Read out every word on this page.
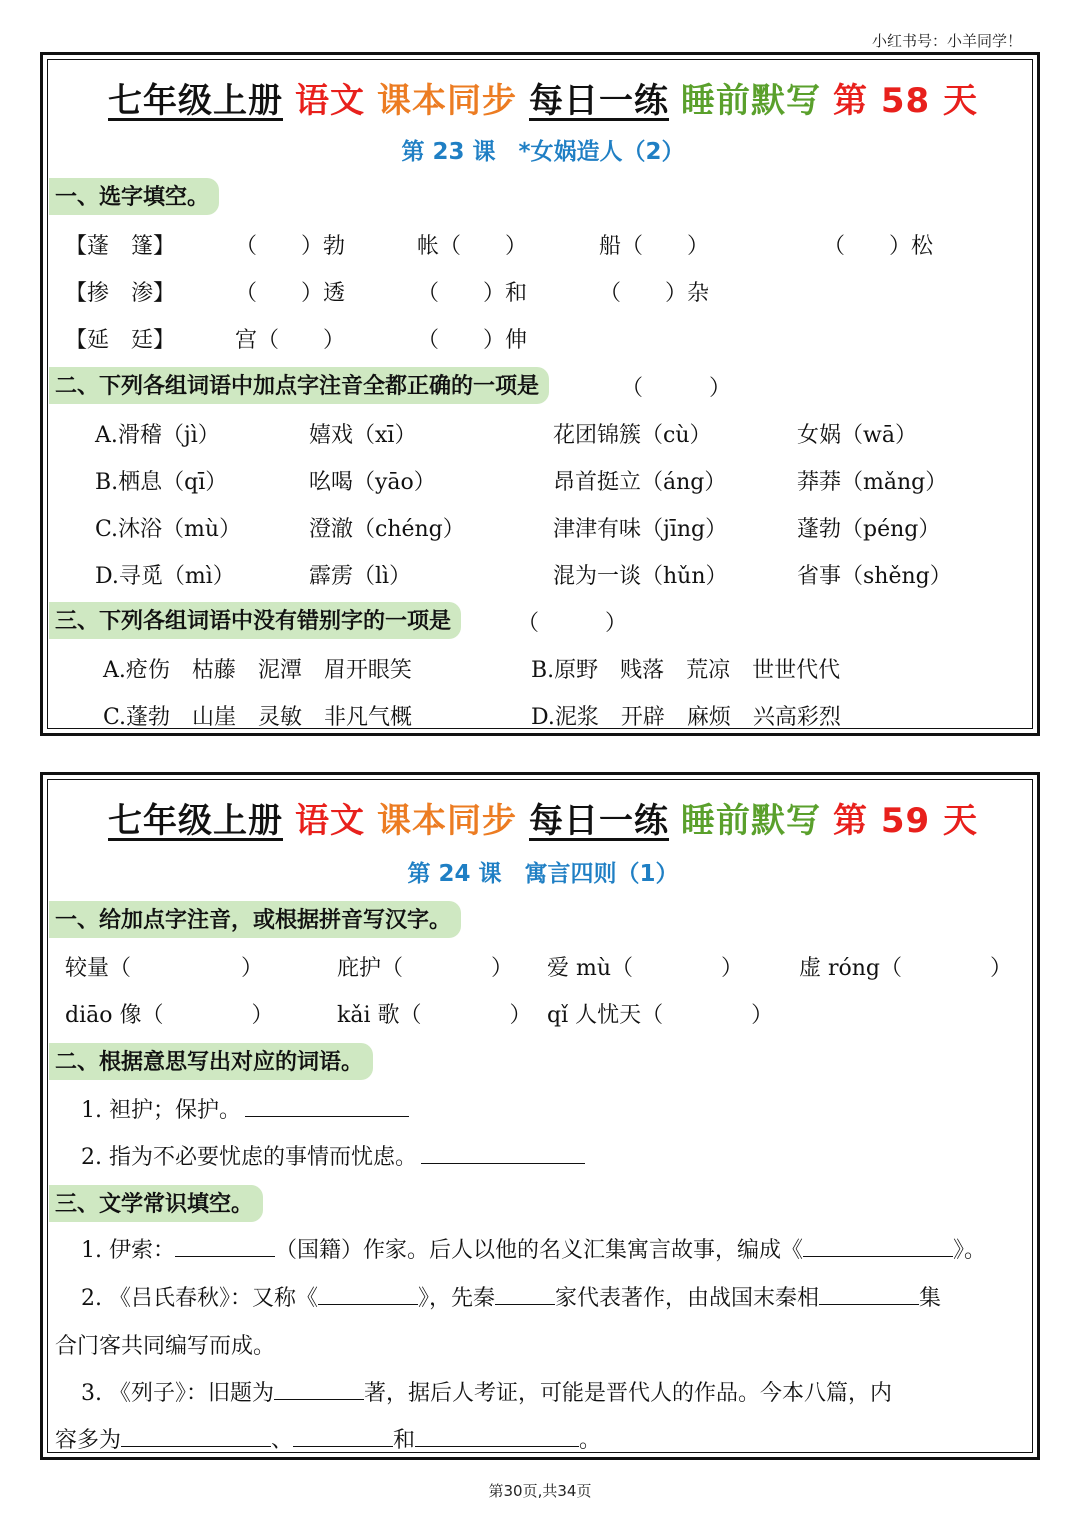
小红书号：小羊同学！
七年级上册 语文 课本同步 每日一练 睡前默写 第 58 天
第 23 课　*女娲造人（2）
一、选字填空。
【蓬　篷】	（　　）勃	帐（　　）	船（　　）	（　　）松
【掺　渗】	（　　）透	（　　）和	（　　）杂
【延　廷】	宫（　　）	（　　）伸
二、下列各组词语中加点字注音全都正确的一项是	（　　　）
A.滑稽（jì）	嬉戏（xī）	花团锦簇（cù）	女娲（wā）
B.栖息（qī）	吆喝（yāo）	昂首挺立（áng）	莽莽（mǎng）
C.沐浴（mù）	澄澈（chéng）	津津有味（jīng）	蓬勃（péng）
D.寻觅（mì）	霹雳（lì）	混为一谈（hǔn）	省事（shěng）
三、下列各组词语中没有错别字的一项是	（　　　）
A.疮伤　枯藤　泥潭　眉开眼笑	B.原野　贱落　荒凉　世世代代
C.蓬勃　山崖　灵敏　非凡气概	D.泥浆　开辟　麻烦　兴高彩烈
七年级上册 语文 课本同步 每日一练 睡前默写 第 59 天
第 24 课　寓言四则（1）
一、给加点字注音，或根据拼音写汉字。
较量（　　　　　）	庇护（　　　　） 爱 mù（　　　　）	虚 róng（　　　　）
diāo 像（　　　　）	kǎi 歌（　　　　） qǐ 人忧天（　　　　）
二、根据意思写出对应的词语。
1. 袒护；保护。
2. 指为不必要忧虑的事情而忧虑。
三、文学常识填空。
1. 伊索：	（国籍）作家。后人以他的名义汇集寓言故事，编成《	》。
2. 《吕氏春秋》：又称《	》，先秦	家代表著作，由战国末秦相	集
合门客共同编写而成。
3. 《列子》：旧题为	著，据后人考证，可能是晋代人的作品。今本八篇，内
容多为	、	和	。
第30页,共34页
